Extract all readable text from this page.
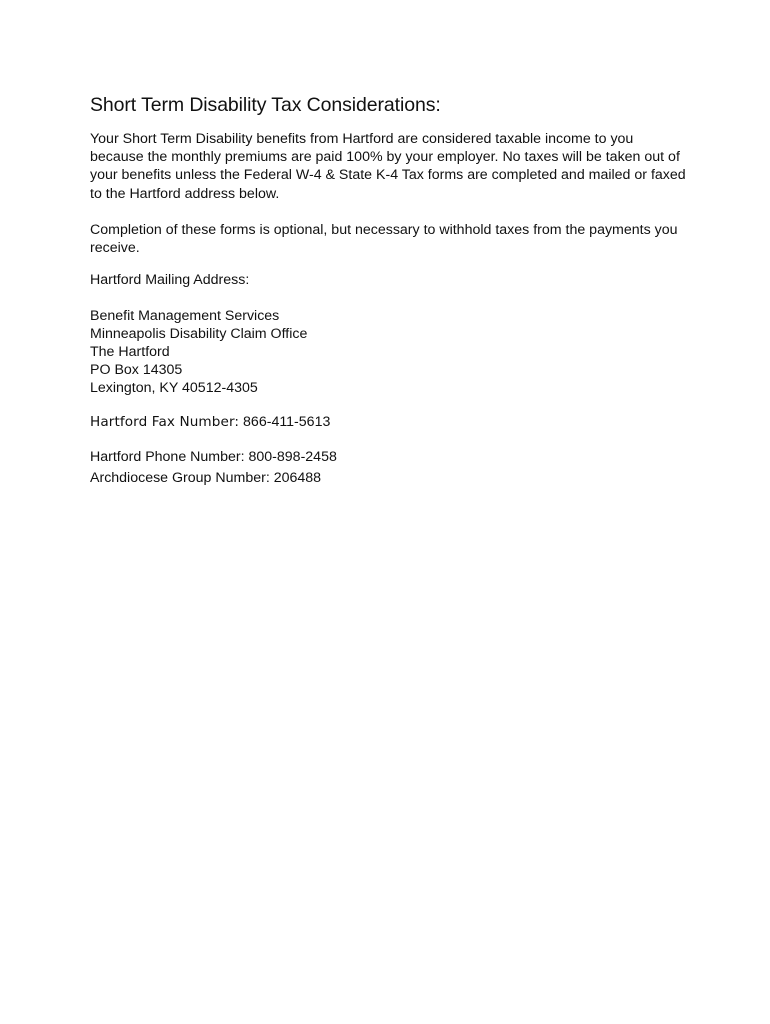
Short Term Disability Tax Considerations:

Your Short Term Disability benefits from Hartford are considered taxable income to you because the monthly premiums are paid 100% by your employer. No taxes will be taken out of your benefits unless the Federal W-4 & State K-4 Tax forms are completed and mailed or faxed to the Hartford address below.

Completion of these forms is optional, but necessary to withhold taxes from the payments you receive.

Hartford Mailing Address:

Benefit Management Services
Minneapolis Disability Claim Office
The Hartford
PO Box 14305
Lexington, KY 40512-4305

Hartford Fax Number: 866-411-5613

Hartford Phone Number: 800-898-2458
Archdiocese Group Number: 206488
